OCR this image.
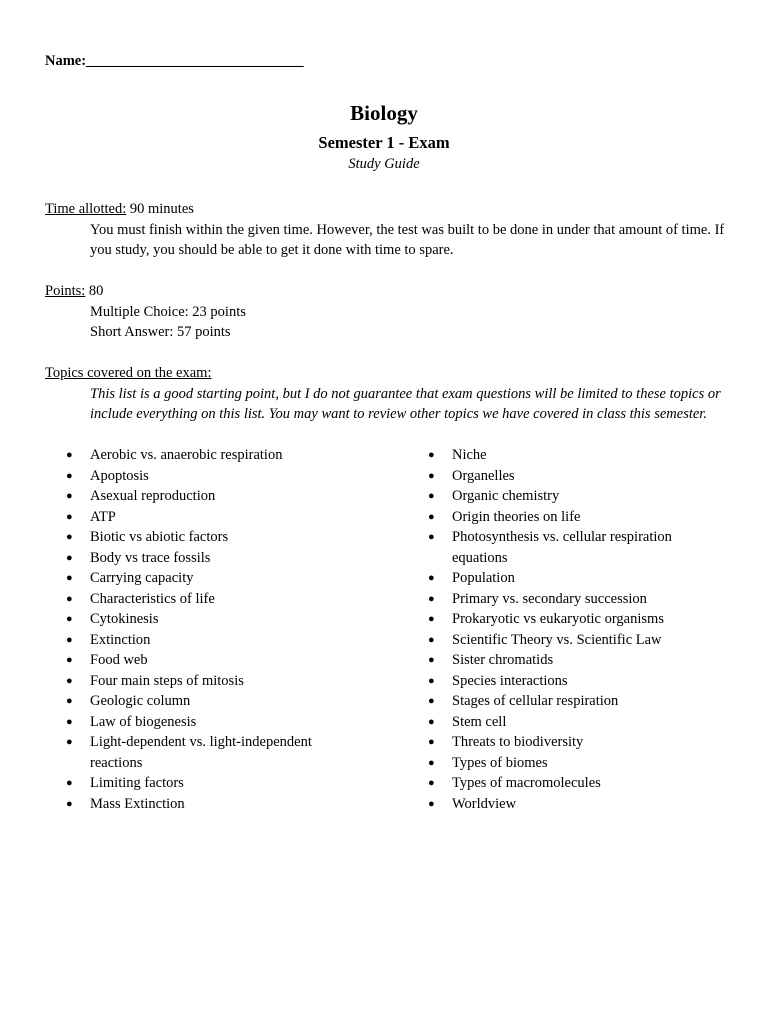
Name:______________________________
Biology
Semester 1 - Exam
Study Guide
Time allotted: 90 minutes
You must finish within the given time. However, the test was built to be done in under that amount of time. If you study, you should be able to get it done with time to spare.
Points: 80
Multiple Choice: 23 points
Short Answer: 57 points
Topics covered on the exam:
This list is a good starting point, but I do not guarantee that exam questions will be limited to these topics or include everything on this list. You may want to review other topics we have covered in class this semester.
●	Aerobic vs. anaerobic respiration
●	Apoptosis
●	Asexual reproduction
●	ATP
●	Biotic vs abiotic factors
●	Body vs trace fossils
●	Carrying capacity
●	Characteristics of life
●	Cytokinesis
●	Extinction
●	Food web
●	Four main steps of mitosis
●	Geologic column
●	Law of biogenesis
●	Light-dependent vs. light-independent reactions
●	Limiting factors
●	Mass Extinction
●	Niche
●	Organelles
●	Organic chemistry
●	Origin theories on life
●	Photosynthesis vs. cellular respiration equations
●	Population
●	Primary vs. secondary succession
●	Prokaryotic vs eukaryotic organisms
●	Scientific Theory vs. Scientific Law
●	Sister chromatids
●	Species interactions
●	Stages of cellular respiration
●	Stem cell
●	Threats to biodiversity
●	Types of biomes
●	Types of macromolecules
●	Worldview
